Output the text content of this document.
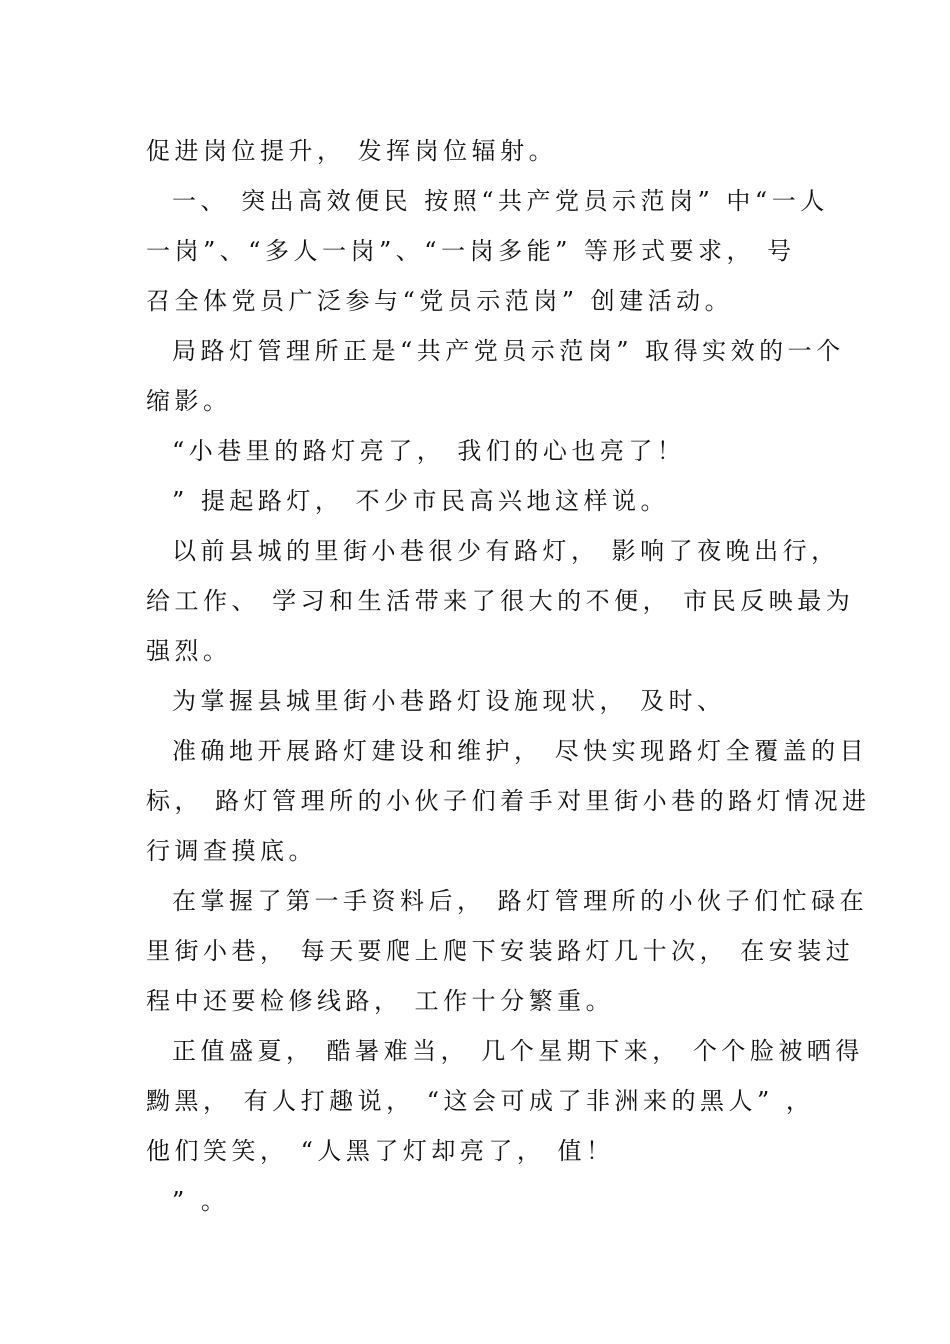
促进岗位提升， 发挥岗位辐射。
一、 突出高效便民 按照“共产党员示范岗” 中“一人
一岗”、“多人一岗”、“一岗多能” 等形式要求， 号
召全体党员广泛参与“党员示范岗” 创建活动。
局路灯管理所正是“共产党员示范岗” 取得实效的一个
缩影。
“小巷里的路灯亮了， 我们的心也亮了！
” 提起路灯， 不少市民高兴地这样说。
以前县城的里街小巷很少有路灯， 影响了夜晚出行，
给工作、 学习和生活带来了很大的不便， 市民反映最为
强烈。
为掌握县城里街小巷路灯设施现状， 及时、
准确地开展路灯建设和维护， 尽快实现路灯全覆盖的目
标， 路灯管理所的小伙子们着手对里街小巷的路灯情况进
行调查摸底。
在掌握了第一手资料后， 路灯管理所的小伙子们忙碌在
里街小巷， 每天要爬上爬下安装路灯几十次， 在安装过
程中还要检修线路， 工作十分繁重。
正值盛夏， 酷暑难当， 几个星期下来， 个个脸被晒得
黝黑， 有人打趣说， “这会可成了非洲来的黑人” ，
他们笑笑， “人黑了灯却亮了， 值！
” 。
